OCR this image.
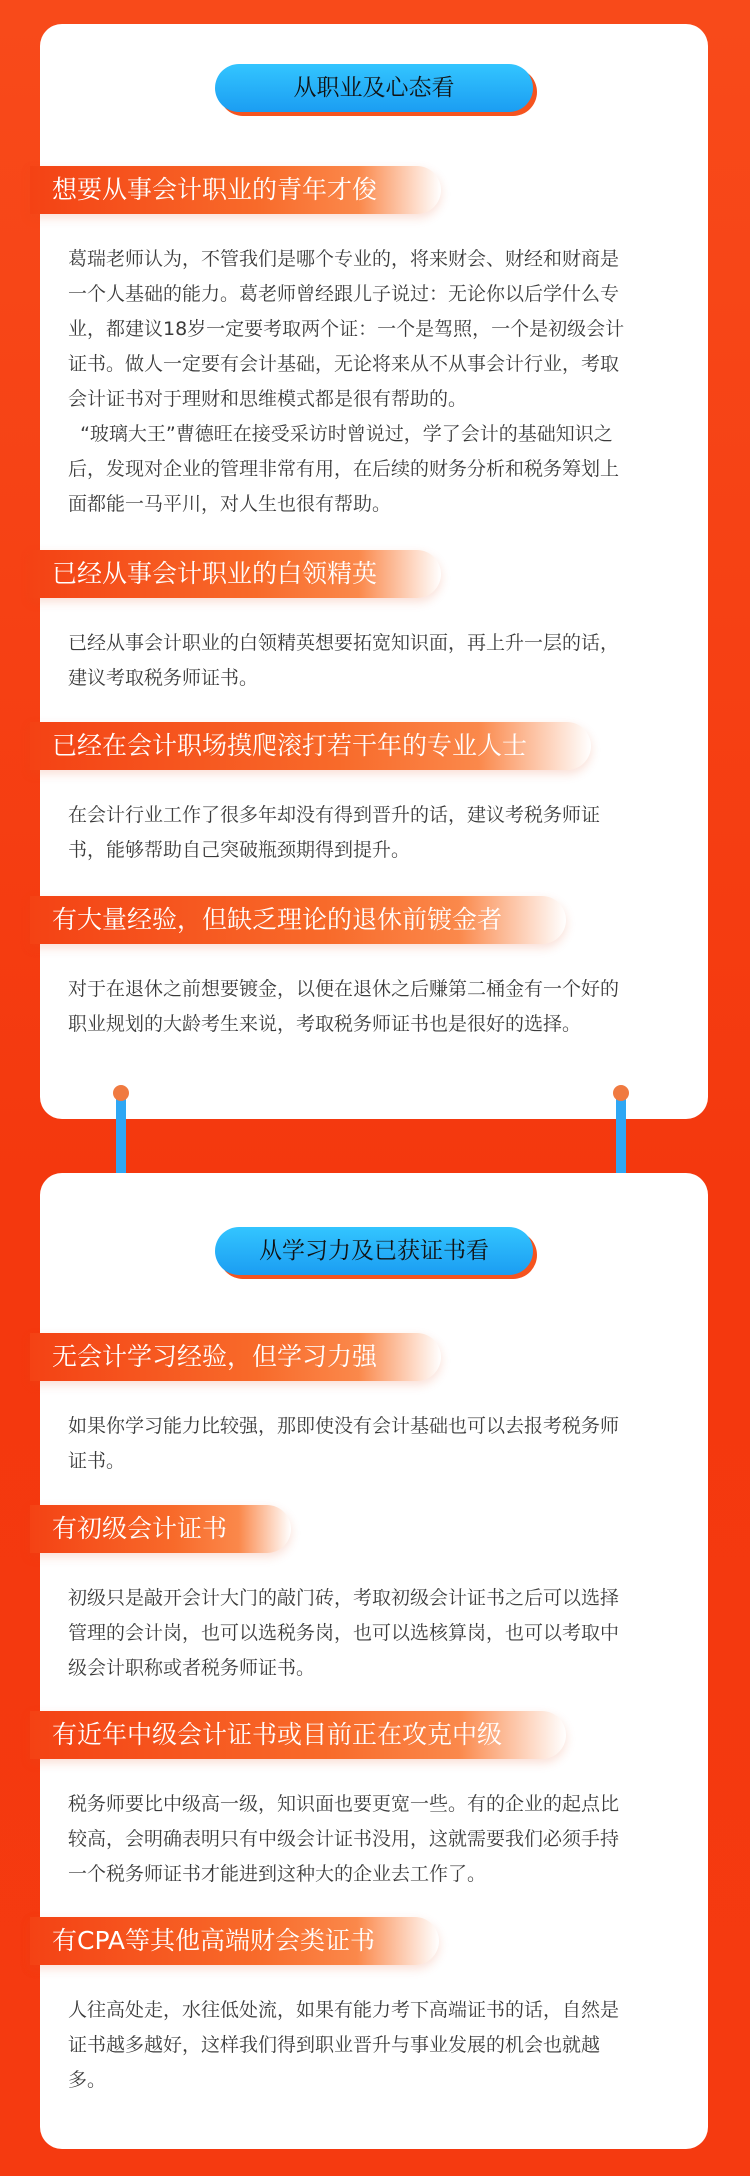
从职业及心态看
想要从事会计职业的青年才俊

葛瑞老师认为，不管我们是哪个专业的，将来财会、财经和财商是
一个人基础的能力。葛老师曾经跟儿子说过：无论你以后学什么专
业，都建议18岁一定要考取两个证：一个是驾照，一个是初级会计
证书。做人一定要有会计基础，无论将来从不从事会计行业，考取
会计证书对于理财和思维模式都是很有帮助的。
“玻璃大王”曹德旺在接受采访时曾说过，学了会计的基础知识之
后，发现对企业的管理非常有用，在后续的财务分析和税务筹划上
面都能一马平川，对人生也很有帮助。

已经从事会计职业的白领精英

已经从事会计职业的白领精英想要拓宽知识面，再上升一层的话，
建议考取税务师证书。

已经在会计职场摸爬滚打若干年的专业人士

在会计行业工作了很多年却没有得到晋升的话，建议考税务师证
书，能够帮助自己突破瓶颈期得到提升。

有大量经验，但缺乏理论的退休前镀金者

对于在退休之前想要镀金，以便在退休之后赚第二桶金有一个好的
职业规划的大龄考生来说，考取税务师证书也是很好的选择。

从学习力及已获证书看
无会计学习经验，但学习力强

如果你学习能力比较强，那即使没有会计基础也可以去报考税务师
证书。

有初级会计证书

初级只是敲开会计大门的敲门砖，考取初级会计证书之后可以选择
管理的会计岗，也可以选税务岗，也可以选核算岗，也可以考取中
级会计职称或者税务师证书。

有近年中级会计证书或目前正在攻克中级

税务师要比中级高一级，知识面也要更宽一些。有的企业的起点比
较高，会明确表明只有中级会计证书没用，这就需要我们必须手持
一个税务师证书才能进到这种大的企业去工作了。

有CPA等其他高端财会类证书

人往高处走，水往低处流，如果有能力考下高端证书的话，自然是
证书越多越好，这样我们得到职业晋升与事业发展的机会也就越
多。
